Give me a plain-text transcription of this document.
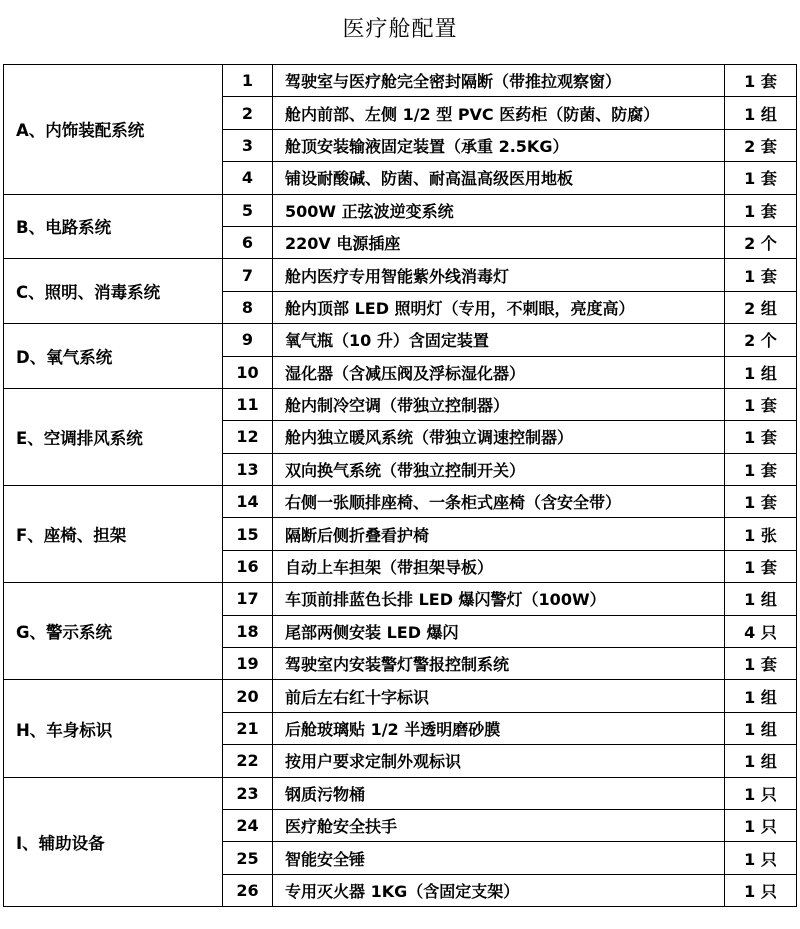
医疗舱配置
A、内饰装配系统	1	驾驶室与医疗舱完全密封隔断（带推拉观察窗）	1 套
	2	舱内前部、左侧 1/2 型 PVC 医药柜（防菌、防腐）	1 组
	3	舱顶安装输液固定装置（承重 2.5KG）	2 套
	4	铺设耐酸碱、防菌、耐高温高级医用地板	1 套
B、电路系统	5	500W 正弦波逆变系统	1 套
	6	220V 电源插座	2 个
C、照明、消毒系统	7	舱内医疗专用智能紫外线消毒灯	1 套
	8	舱内顶部 LED 照明灯（专用，不刺眼，亮度高）	2 组
D、氧气系统	9	氧气瓶（10 升）含固定装置	2 个
	10	湿化器（含减压阀及浮标湿化器）	1 组
E、空调排风系统	11	舱内制冷空调（带独立控制器）	1 套
	12	舱内独立暖风系统（带独立调速控制器）	1 套
	13	双向换气系统（带独立控制开关）	1 套
F、座椅、担架	14	右侧一张顺排座椅、一条柜式座椅（含安全带）	1 套
	15	隔断后侧折叠看护椅	1 张
	16	自动上车担架（带担架导板）	1 套
G、警示系统	17	车顶前排蓝色长排 LED 爆闪警灯（100W）	1 组
	18	尾部两侧安装 LED 爆闪	4 只
	19	驾驶室内安装警灯警报控制系统	1 套
H、车身标识	20	前后左右红十字标识	1 组
	21	后舱玻璃贴 1/2 半透明磨砂膜	1 组
	22	按用户要求定制外观标识	1 组
I、辅助设备	23	钢质污物桶	1 只
	24	医疗舱安全扶手	1 只
	25	智能安全锤	1 只
	26	专用灭火器 1KG（含固定支架）	1 只
